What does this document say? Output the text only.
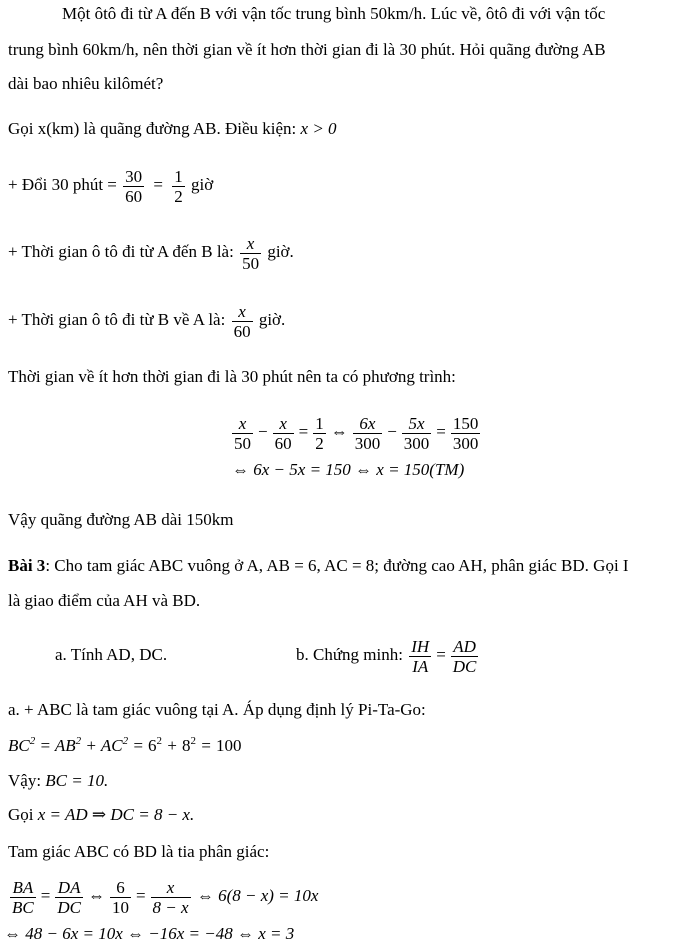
Một ôtô đi từ A đến B với vận tốc trung bình 50km/h. Lúc về, ôtô đi với vận tốc
trung bình 60km/h, nên thời gian về ít hơn thời gian đi là 30 phút. Hỏi quãng đường AB
dài bao nhiêu kilômét?
Gọi x(km) là quãng đường AB. Điều kiện: x > 0
+ Đổi 30 phút = $\frac{30}{60} = \frac{1}{2}$ giờ
+ Thời gian ô tô đi từ A đến B là: $\frac{x}{50}$ giờ.
+ Thời gian ô tô đi từ B về A là: $\frac{x}{60}$ giờ.
Thời gian về ít hơn thời gian đi là 30 phút nên ta có phương trình:
$\frac{x}{50} - \frac{x}{60} = \frac{1}{2}$ ⇔ $\frac{6x}{300} - \frac{5x}{300} = \frac{150}{300}$
⇔ 6x − 5x = 150 ⇔ x = 150(TM)
Vậy quãng đường AB dài 150km
Bài 3: Cho tam giác ABC vuông ở A, AB = 6, AC = 8; đường cao AH, phân giác BD. Gọi I
là giao điểm của AH và BD.
a. Tính AD, DC.	b. Chứng minh: $\frac{IH}{IA} = \frac{AD}{DC}$
a. + ABC là tam giác vuông tại A. Áp dụng định lý Pi-Ta-Go:
$BC^2 = AB^2 + AC^2 = 6^2 + 8^2 = 100$
Vậy: BC = 10.
Gọi x = AD ⇒ DC = 8 − x.
Tam giác ABC có BD là tia phân giác:
$\frac{BA}{BC} = \frac{DA}{DC}$ ⇔ $\frac{6}{10} = \frac{x}{8 - x}$ ⇔ 6(8 − x) = 10x
⇔ 48 − 6x = 10x ⇔ −16x = −48 ⇔ x = 3
